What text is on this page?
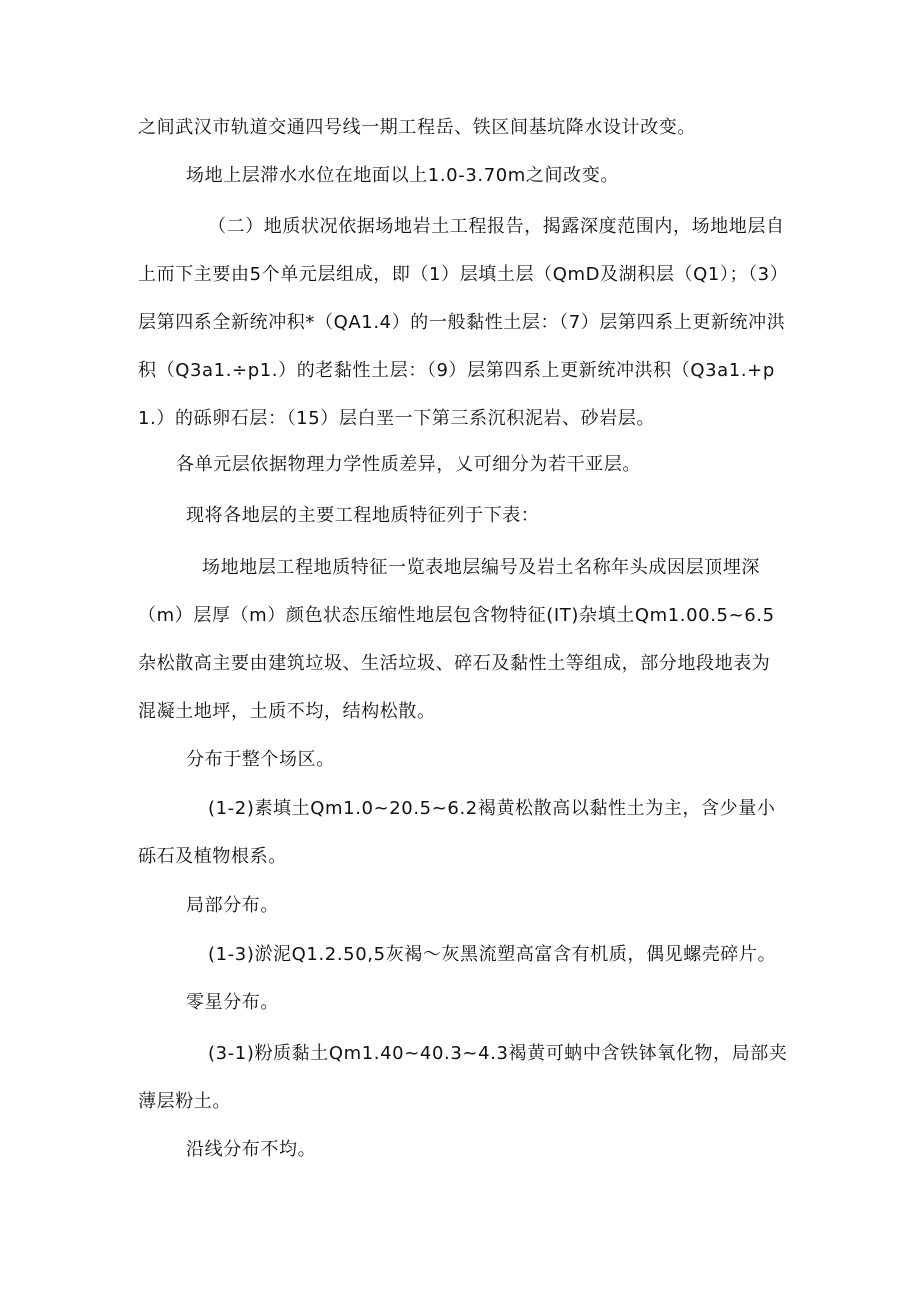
之间武汉市轨道交通四号线一期工程岳、铁区间基坑降水设计改变。

场地上层滞水水位在地面以上1.0-3.70m之间改变。

（二）地质状况依据场地岩土工程报告，揭露深度范围内，场地地层自上而下主要由5个单元层组成，即（1）层填土层（QmD及湖积层（Q1）；（3）层第四系全新统冲积*（QA1.4）的一般黏性土层：（7）层第四系上更新统冲洪积（Q3a1.÷p1.）的老黏性土层：（9）层第四系上更新统冲洪积（Q3a1.+p1.）的砾卵石层：（15）层白垩一下第三系沉积泥岩、砂岩层。

各单元层依据物理力学性质差异，乂可细分为若干亚层。

现将各地层的主要工程地质特征列于下表：

场地地层工程地质特征一览表地层编号及岩土名称年头成因层顶埋深（m）层厚（m）颜色状态压缩性地层包含物特征(IT)杂填土Qm1.00.5~6.5杂松散高主要由建筑垃圾、生活垃圾、碎石及黏性土等组成，部分地段地表为混凝土地坪，土质不均，结构松散。

分布于整个场区。

(1-2)素填土Qm1.0~20.5~6.2褐黄松散高以黏性土为主，含少量小砾石及植物根系。

局部分布。

(1-3)淤泥Q1.2.50,5灰褐～灰黑流塑高富含有机质，偶见螺壳碎片。

零星分布。

(3-1)粉质黏土Qm1.40~40.3~4.3褐黄可蚋中含铁钵氧化物，局部夹薄层粉土。

沿线分布不均。
